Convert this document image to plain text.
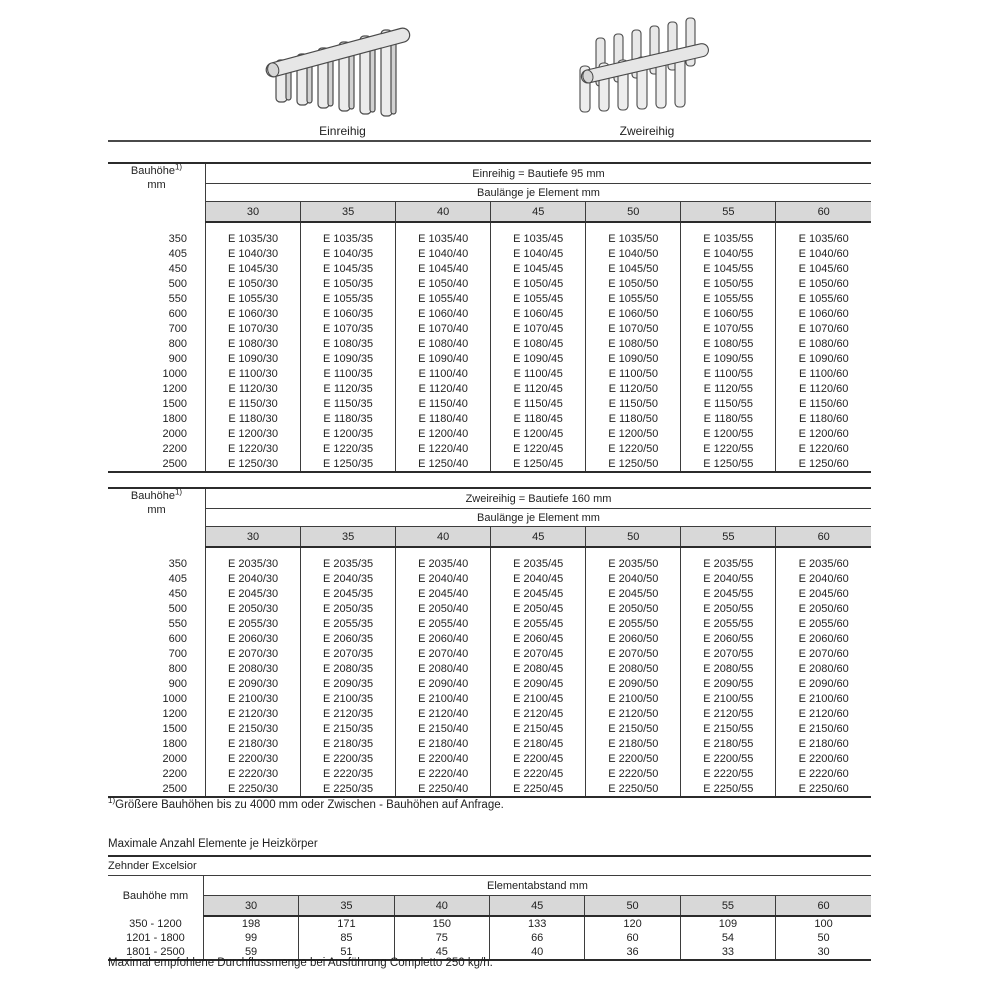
Einreihig	Zweireihig
Bauhöhe$^{1)}$
mm	Einreihig = Bautiefe 95 mm						
	Baulänge je Element mm						
	30	35	40	45	50	55	60

350	E 1035/30	E 1035/35	E 1035/40	E 1035/45	E 1035/50	E 1035/55	E 1035/60
405	E 1040/30	E 1040/35	E 1040/40	E 1040/45	E 1040/50	E 1040/55	E 1040/60
450	E 1045/30	E 1045/35	E 1045/40	E 1045/45	E 1045/50	E 1045/55	E 1045/60
500	E 1050/30	E 1050/35	E 1050/40	E 1050/45	E 1050/50	E 1050/55	E 1050/60
550	E 1055/30	E 1055/35	E 1055/40	E 1055/45	E 1055/50	E 1055/55	E 1055/60
600	E 1060/30	E 1060/35	E 1060/40	E 1060/45	E 1060/50	E 1060/55	E 1060/60
700	E 1070/30	E 1070/35	E 1070/40	E 1070/45	E 1070/50	E 1070/55	E 1070/60
800	E 1080/30	E 1080/35	E 1080/40	E 1080/45	E 1080/50	E 1080/55	E 1080/60
900	E 1090/30	E 1090/35	E 1090/40	E 1090/45	E 1090/50	E 1090/55	E 1090/60
1000	E 1100/30	E 1100/35	E 1100/40	E 1100/45	E 1100/50	E 1100/55	E 1100/60
1200	E 1120/30	E 1120/35	E 1120/40	E 1120/45	E 1120/50	E 1120/55	E 1120/60
1500	E 1150/30	E 1150/35	E 1150/40	E 1150/45	E 1150/50	E 1150/55	E 1150/60
1800	E 1180/30	E 1180/35	E 1180/40	E 1180/45	E 1180/50	E 1180/55	E 1180/60
2000	E 1200/30	E 1200/35	E 1200/40	E 1200/45	E 1200/50	E 1200/55	E 1200/60
2200	E 1220/30	E 1220/35	E 1220/40	E 1220/45	E 1220/50	E 1220/55	E 1220/60
2500	E 1250/30	E 1250/35	E 1250/40	E 1250/45	E 1250/50	E 1250/55	E 1250/60
Bauhöhe$^{1)}$
mm	Zweireihig = Bautiefe 160 mm						
	Baulänge je Element mm						
	30	35	40	45	50	55	60

350	E 2035/30	E 2035/35	E 2035/40	E 2035/45	E 2035/50	E 2035/55	E 2035/60
405	E 2040/30	E 2040/35	E 2040/40	E 2040/45	E 2040/50	E 2040/55	E 2040/60
450	E 2045/30	E 2045/35	E 2045/40	E 2045/45	E 2045/50	E 2045/55	E 2045/60
500	E 2050/30	E 2050/35	E 2050/40	E 2050/45	E 2050/50	E 2050/55	E 2050/60
550	E 2055/30	E 2055/35	E 2055/40	E 2055/45	E 2055/50	E 2055/55	E 2055/60
600	E 2060/30	E 2060/35	E 2060/40	E 2060/45	E 2060/50	E 2060/55	E 2060/60
700	E 2070/30	E 2070/35	E 2070/40	E 2070/45	E 2070/50	E 2070/55	E 2070/60
800	E 2080/30	E 2080/35	E 2080/40	E 2080/45	E 2080/50	E 2080/55	E 2080/60
900	E 2090/30	E 2090/35	E 2090/40	E 2090/45	E 2090/50	E 2090/55	E 2090/60
1000	E 2100/30	E 2100/35	E 2100/40	E 2100/45	E 2100/50	E 2100/55	E 2100/60
1200	E 2120/30	E 2120/35	E 2120/40	E 2120/45	E 2120/50	E 2120/55	E 2120/60
1500	E 2150/30	E 2150/35	E 2150/40	E 2150/45	E 2150/50	E 2150/55	E 2150/60
1800	E 2180/30	E 2180/35	E 2180/40	E 2180/45	E 2180/50	E 2180/55	E 2180/60
2000	E 2200/30	E 2200/35	E 2200/40	E 2200/45	E 2200/50	E 2200/55	E 2200/60
2200	E 2220/30	E 2220/35	E 2220/40	E 2220/45	E 2220/50	E 2220/55	E 2220/60
2500	E 2250/30	E 2250/35	E 2250/40	E 2250/45	E 2250/50	E 2250/55	E 2250/60
$^{1)}$Größere Bauhöhen bis zu 4000 mm oder Zwischen - Bauhöhen auf Anfrage.
Maximale Anzahl Elemente je Heizkörper
Zehnder Excelsior							
Bauhöhe mm	Elementabstand mm						
	30	35	40	45	50	55	60
350 - 1200	198	171	150	133	120	109	100
1201 - 1800	99	85	75	66	60	54	50
1801 - 2500	59	51	45	40	36	33	30
Maximal empfohlene Durchflussmenge bei Ausführung Completto 250 kg/h.
